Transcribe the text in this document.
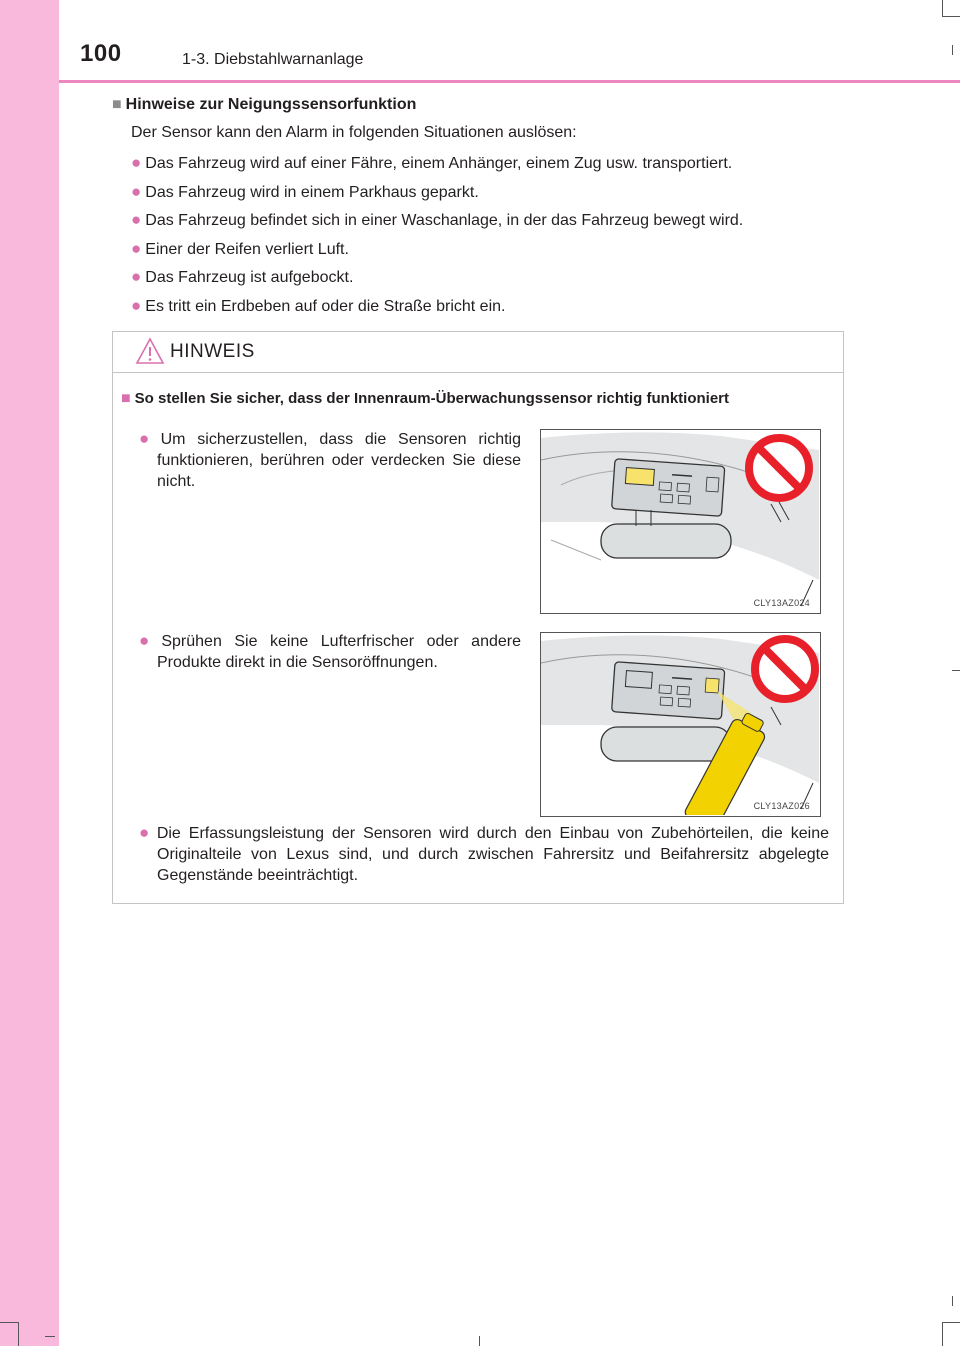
100	1-3. Diebstahlwarnanlage
■ Hinweise zur Neigungssensorfunktion
Der Sensor kann den Alarm in folgenden Situationen auslösen:
● Das Fahrzeug wird auf einer Fähre, einem Anhänger, einem Zug usw. transportiert.
● Das Fahrzeug wird in einem Parkhaus geparkt.
● Das Fahrzeug befindet sich in einer Waschanlage, in der das Fahrzeug bewegt wird.
● Einer der Reifen verliert Luft.
● Das Fahrzeug ist aufgebockt.
● Es tritt ein Erdbeben auf oder die Straße bricht ein.
HINWEIS
■ So stellen Sie sicher, dass der Innenraum-Überwachungssensor richtig funktioniert
● Um sicherzustellen, dass die Sensoren richtig funktionieren, berühren oder verdecken Sie diese nicht.
● Sprühen Sie keine Lufterfrischer oder andere Produkte direkt in die Sensoröffnungen.
● Die Erfassungsleistung der Sensoren wird durch den Einbau von Zubehörteilen, die keine Originalteile von Lexus sind, und durch zwischen Fahrersitz und Beifahrersitz abgelegte Gegenstände beeinträchtigt.
CLY13AZ024
CLY13AZ026
